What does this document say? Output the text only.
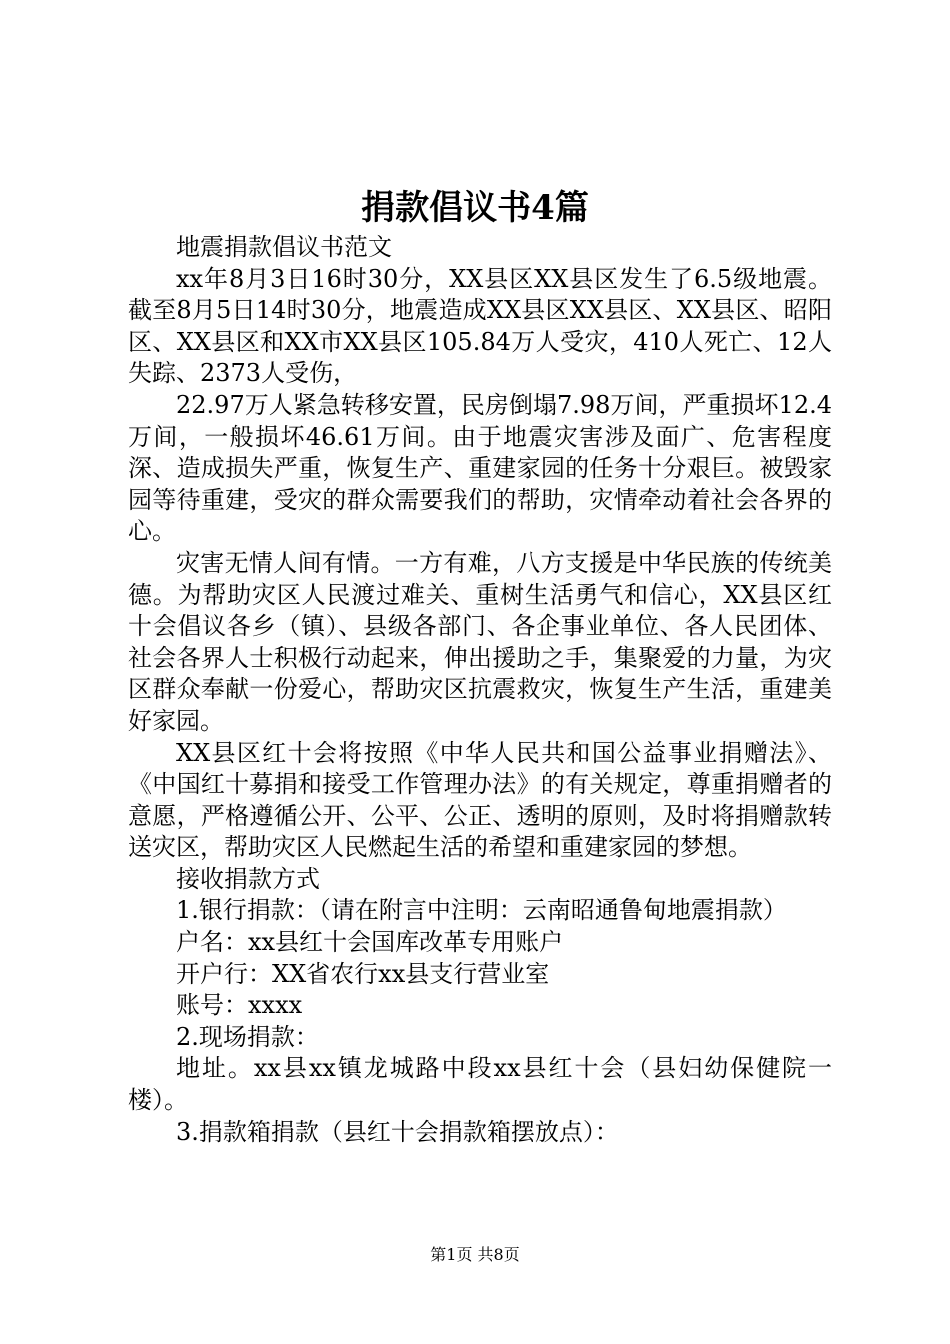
捐款倡议书4篇

地震捐款倡议书范文

xx年8月3日16时30分，XX县区XX县区发生了6.5级地震。截至8月5日14时30分，地震造成XX县区XX县区、XX县区、昭阳区、XX县区和XX市XX县区105.84万人受灾，410人死亡、12人失踪、2373人受伤，

22.97万人紧急转移安置，民房倒塌7.98万间，严重损坏12.4万间，一般损坏46.61万间。由于地震灾害涉及面广、危害程度深、造成损失严重，恢复生产、重建家园的任务十分艰巨。被毁家园等待重建，受灾的群众需要我们的帮助，灾情牵动着社会各界的心。

灾害无情人间有情。一方有难，八方支援是中华民族的传统美德。为帮助灾区人民渡过难关、重树生活勇气和信心，XX县区红十会倡议各乡（镇）、县级各部门、各企事业单位、各人民团体、社会各界人士积极行动起来，伸出援助之手，集聚爱的力量，为灾区群众奉献一份爱心，帮助灾区抗震救灾，恢复生产生活，重建美好家园。

XX县区红十会将按照《中华人民共和国公益事业捐赠法》、《中国红十募捐和接受工作管理办法》的有关规定，尊重捐赠者的意愿，严格遵循公开、公平、公正、透明的原则，及时将捐赠款转送灾区，帮助灾区人民燃起生活的希望和重建家园的梦想。

接收捐款方式

1.银行捐款：（请在附言中注明：云南昭通鲁甸地震捐款）

户名：xx县红十会国库改革专用账户

开户行：XX省农行xx县支行营业室

账号：xxxx

2.现场捐款：

地址。xx县xx镇龙城路中段xx县红十会（县妇幼保健院一楼）。

3.捐款箱捐款（县红十会捐款箱摆放点）：

第1页 共8页
